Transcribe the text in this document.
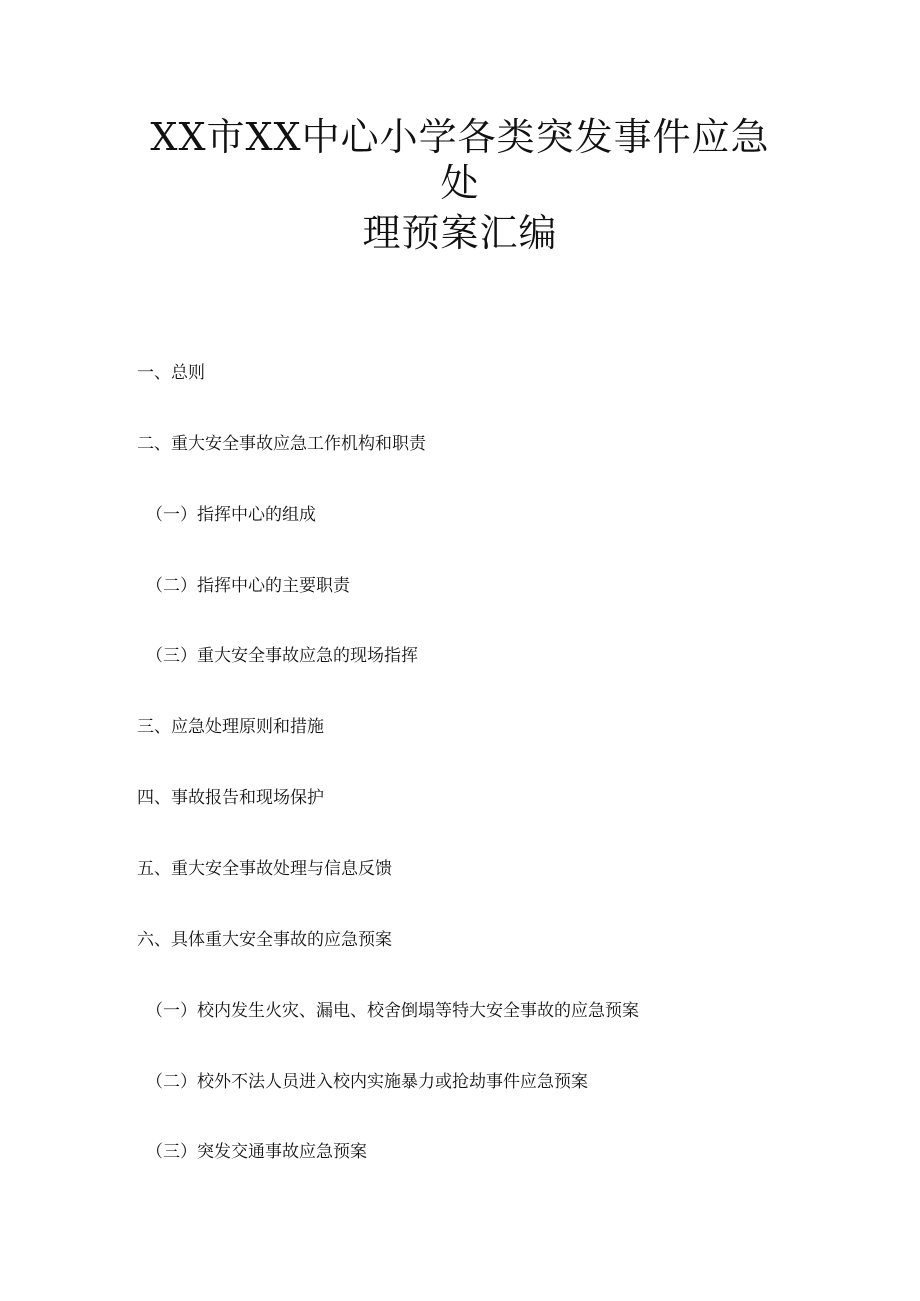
XX市XX中心小学各类突发事件应急
处
理预案汇编
一、总则
二、重大安全事故应急工作机构和职责
（一）指挥中心的组成
（二）指挥中心的主要职责
（三）重大安全事故应急的现场指挥
三、应急处理原则和措施
四、事故报告和现场保护
五、重大安全事故处理与信息反馈
六、具体重大安全事故的应急预案
（一）校内发生火灾、漏电、校舍倒塌等特大安全事故的应急预案
（二）校外不法人员进入校内实施暴力或抢劫事件应急预案
（三）突发交通事故应急预案
